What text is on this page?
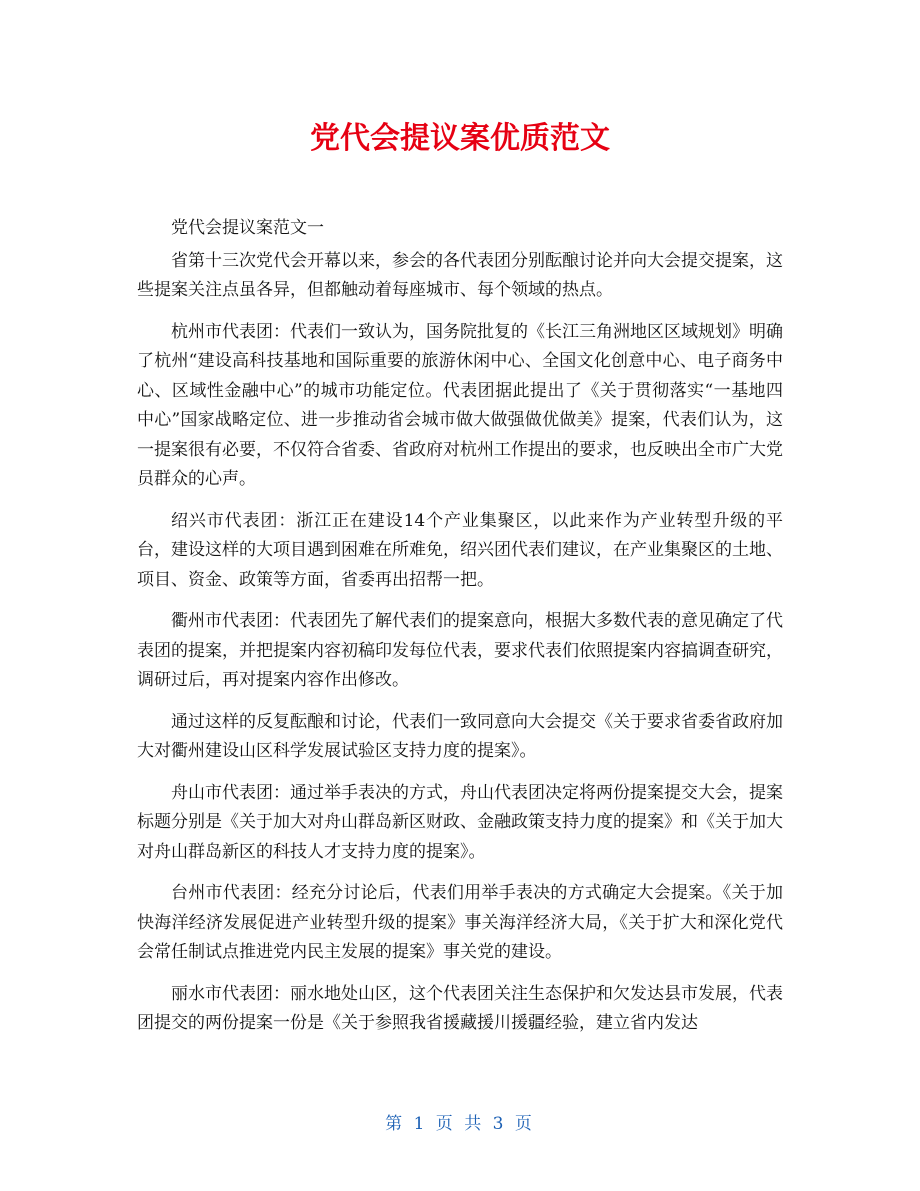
党代会提议案优质范文

党代会提议案范文一

省第十三次党代会开幕以来，参会的各代表团分别酝酿讨论并向大会提交提案，这些提案关注点虽各异，但都触动着每座城市、每个领域的热点。

杭州市代表团：代表们一致认为，国务院批复的《长江三角洲地区区域规划》明确了杭州“建设高科技基地和国际重要的旅游休闲中心、全国文化创意中心、电子商务中心、区域性金融中心”的城市功能定位。代表团据此提出了《关于贯彻落实“一基地四中心”国家战略定位、进一步推动省会城市做大做强做优做美》提案，代表们认为，这一提案很有必要，不仅符合省委、省政府对杭州工作提出的要求，也反映出全市广大党员群众的心声。

绍兴市代表团：浙江正在建设14个产业集聚区，以此来作为产业转型升级的平台，建设这样的大项目遇到困难在所难免，绍兴团代表们建议，在产业集聚区的土地、项目、资金、政策等方面，省委再出招帮一把。

衢州市代表团：代表团先了解代表们的提案意向，根据大多数代表的意见确定了代表团的提案，并把提案内容初稿印发每位代表，要求代表们依照提案内容搞调查研究，调研过后，再对提案内容作出修改。

通过这样的反复酝酿和讨论，代表们一致同意向大会提交《关于要求省委省政府加大对衢州建设山区科学发展试验区支持力度的提案》。

舟山市代表团：通过举手表决的方式，舟山代表团决定将两份提案提交大会，提案标题分别是《关于加大对舟山群岛新区财政、金融政策支持力度的提案》和《关于加大对舟山群岛新区的科技人才支持力度的提案》。

台州市代表团：经充分讨论后，代表们用举手表决的方式确定大会提案。《关于加快海洋经济发展促进产业转型升级的提案》事关海洋经济大局，《关于扩大和深化党代会常任制试点推进党内民主发展的提案》事关党的建设。

丽水市代表团：丽水地处山区，这个代表团关注生态保护和欠发达县市发展，代表团提交的两份提案一份是《关于参照我省援藏援川援疆经验，建立省内发达

第 1 页 共 3 页
